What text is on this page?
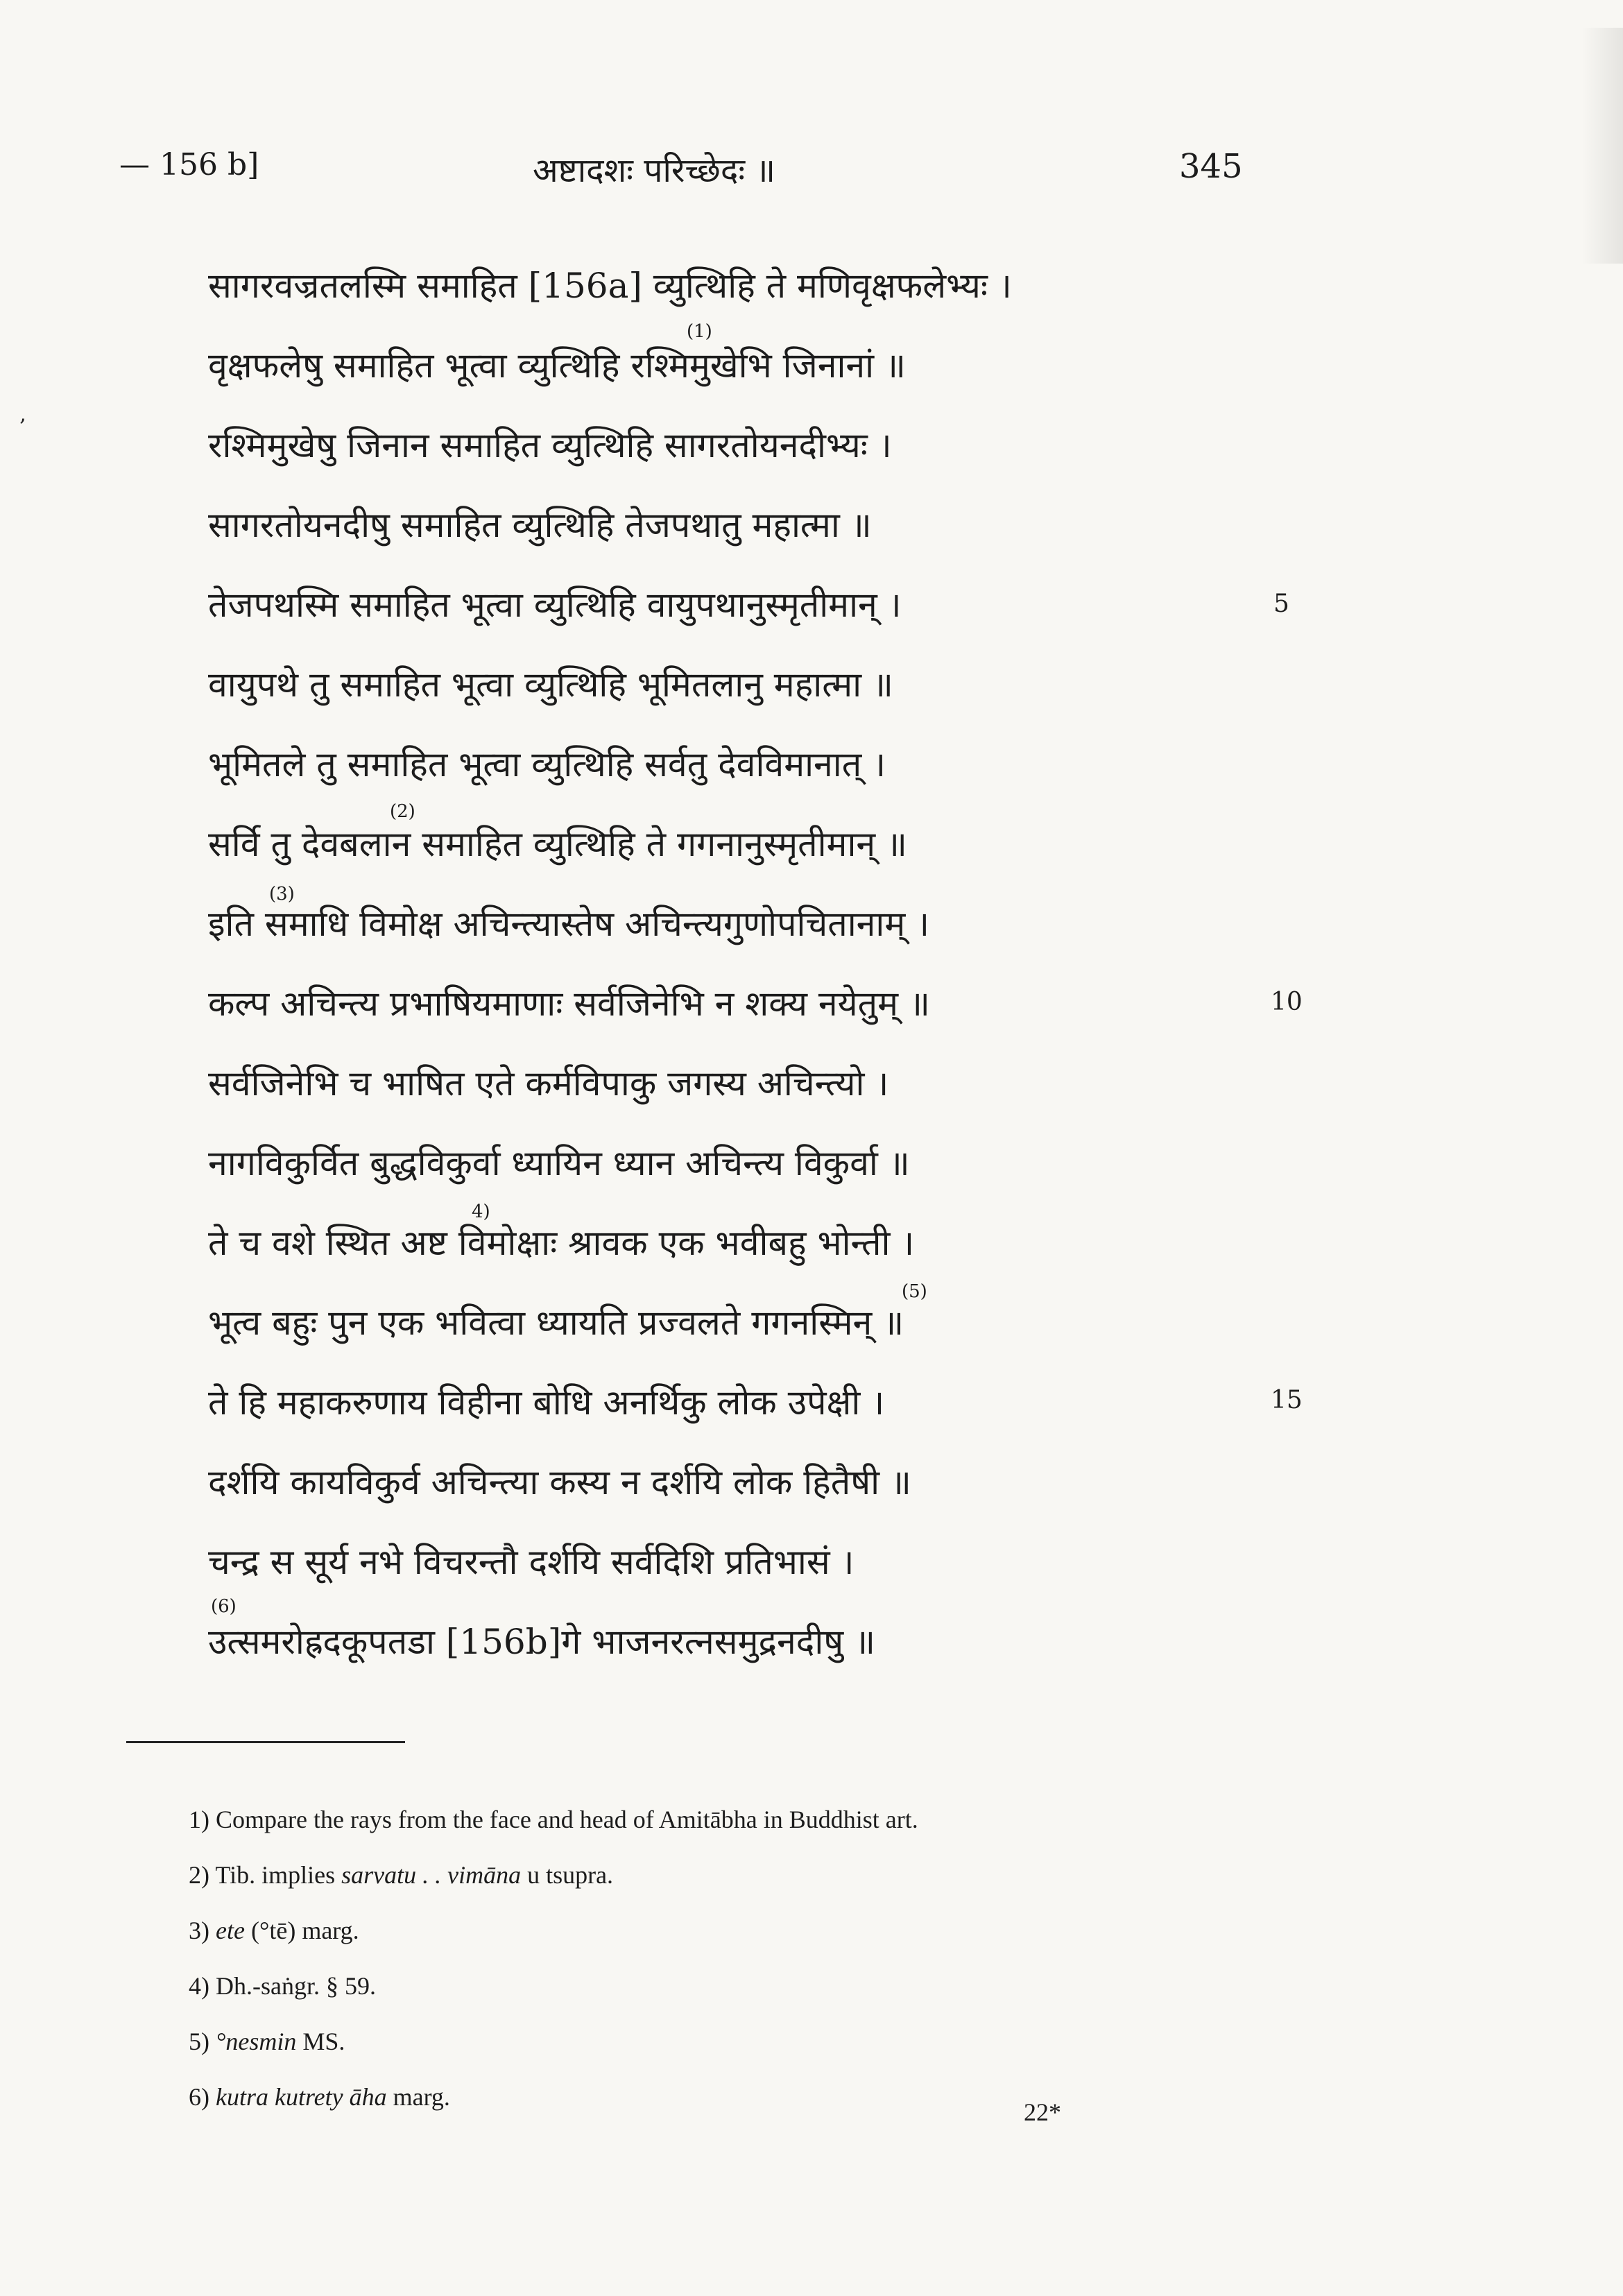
‚
— 156 b]	अष्टादशः परिच्छेदः ॥	345
सागरवज्रतलस्मि समाहित [156a] व्युत्थिहि ते मणिवृक्षफलेभ्यः ।
वृक्षफलेषु समाहित भूत्वा व्युत्थिहि रश्मिमुखेभि जिनानां ॥
(1)
रश्मिमुखेषु जिनान समाहित व्युत्थिहि सागरतोयनदीभ्यः ।
सागरतोयनदीषु समाहित व्युत्थिहि तेजपथातु महात्मा ॥
तेजपथस्मि समाहित भूत्वा व्युत्थिहि वायुपथानुस्मृतीमान् ।
वायुपथे तु समाहित भूत्वा व्युत्थिहि भूमितलानु महात्मा ॥
भूमितले तु समाहित भूत्वा व्युत्थिहि सर्वतु देवविमानात् ।
सर्वि तु देवबलान समाहित व्युत्थिहि ते गगनानुस्मृतीमान् ॥
(2)
इति समाधि विमोक्ष अचिन्त्यास्तेष अचिन्त्यगुणोपचितानाम् ।
(3)
कल्प अचिन्त्य प्रभाषियमाणाः सर्वजिनेभि न शक्य नयेतुम् ॥
सर्वजिनेभि च भाषित एते कर्मविपाकु जगस्य अचिन्त्यो ।
नागविकुर्वित बुद्धविकुर्वा ध्यायिन ध्यान अचिन्त्य विकुर्वा ॥
ते च वशे स्थित अष्ट विमोक्षाः श्रावक एक भवीबहु भोन्ती ।
4)
भूत्व बहुः पुन एक भवित्वा ध्यायति प्रज्वलते गगनस्मिन् ॥
(5)
ते हि महाकरुणाय विहीना बोधि अनर्थिकु लोक उपेक्षी ।
दर्शयि कायविकुर्व अचिन्त्या कस्य न दर्शयि लोक हितैषी ॥
चन्द्र स सूर्य नभे विचरन्तौ दर्शयि सर्वदिशि प्रतिभासं ।
उत्समरोह्रदकूपतडा [156b]गे भाजनरत्नसमुद्रनदीषु ॥
(6)
5
10
15
1) Compare the rays from the face and head of Amitābha in Buddhist art.
2) Tib. implies sarvatu . . vimāna u tsupra.
3) ete (°tē) marg.
4) Dh.-saṅgr. § 59.
5) °nesmin MS.
6) kutra kutrety āha marg.
22*
